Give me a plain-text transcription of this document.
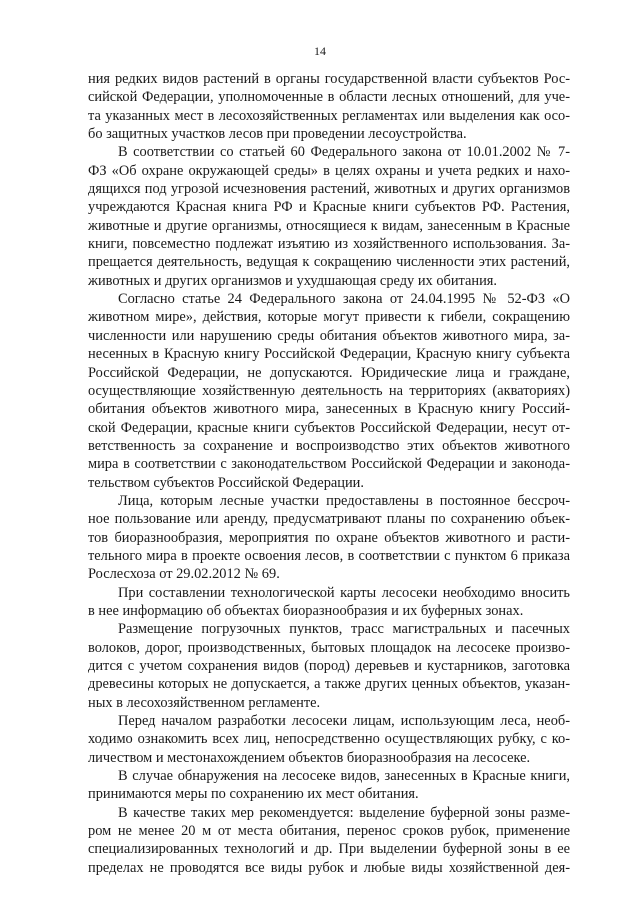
14
ния редких видов растений в органы государственной власти субъектов Рос-
сийской Федерации, уполномоченные в области лесных отношений, для уче-
та указанных мест в лесохозяйственных регламентах или выделения как осо-
бо защитных участков лесов при проведении лесоустройства.
В соответствии со статьей 60 Федерального закона от 10.01.2002 № 7-
ФЗ «Об охране окружающей среды» в целях охраны и учета редких и нахо-
дящихся под угрозой исчезновения растений, животных и других организмов
учреждаются Красная книга РФ и Красные книги субъектов РФ. Растения,
животные и другие организмы, относящиеся к видам, занесенным в Красные
книги, повсеместно подлежат изъятию из хозяйственного использования. За-
прещается деятельность, ведущая к сокращению численности этих растений,
животных и других организмов и ухудшающая среду их обитания.
Согласно статье 24 Федерального закона от 24.04.1995 № 52-ФЗ «О
животном мире», действия, которые могут привести к гибели, сокращению
численности или нарушению среды обитания объектов животного мира, за-
несенных в Красную книгу Российской Федерации, Красную книгу субъекта
Российской Федерации, не допускаются. Юридические лица и граждане,
осуществляющие хозяйственную деятельность на территориях (акваториях)
обитания объектов животного мира, занесенных в Красную книгу Россий-
ской Федерации, красные книги субъектов Российской Федерации, несут от-
ветственность за сохранение и воспроизводство этих объектов животного
мира в соответствии с законодательством Российской Федерации и законода-
тельством субъектов Российской Федерации.
Лица, которым лесные участки предоставлены в постоянное бессроч-
ное пользование или аренду, предусматривают планы по сохранению объек-
тов биоразнообразия, мероприятия по охране объектов животного и расти-
тельного мира в проекте освоения лесов, в соответствии с пунктом 6 приказа
Рослесхоза от 29.02.2012 № 69.
При составлении технологической карты лесосеки необходимо вносить
в нее информацию об объектах биоразнообразия и их буферных зонах.
Размещение погрузочных пунктов, трасс магистральных и пасечных
волоков, дорог, производственных, бытовых площадок на лесосеке произво-
дится с учетом сохранения видов (пород) деревьев и кустарников, заготовка
древесины которых не допускается, а также других ценных объектов, указан-
ных в лесохозяйственном регламенте.
Перед началом разработки лесосеки лицам, использующим леса, необ-
ходимо ознакомить всех лиц, непосредственно осуществляющих рубку, с ко-
личеством и местонахождением объектов биоразнообразия на лесосеке.
В случае обнаружения на лесосеке видов, занесенных в Красные книги,
принимаются меры по сохранению их мест обитания.
В качестве таких мер рекомендуется: выделение буферной зоны разме-
ром не менее 20 м от места обитания, перенос сроков рубок, применение
специализированных технологий и др. При выделении буферной зоны в ее
пределах не проводятся все виды рубок и любые виды хозяйственной дея-
